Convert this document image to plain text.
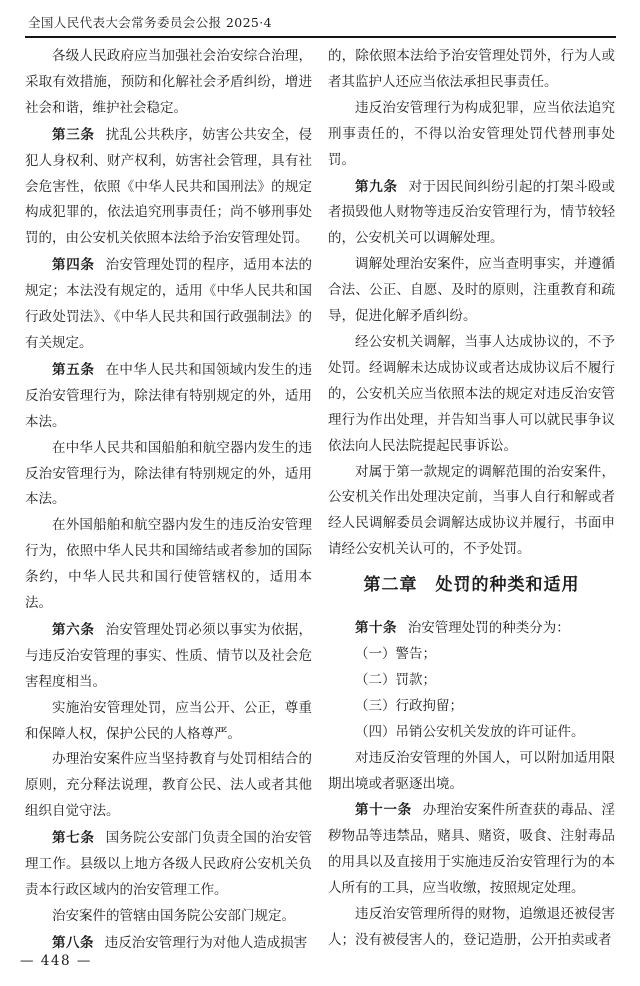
全国人民代表大会常务委员会公报 2025·4

各级人民政府应当加强社会治安综合治理，采取有效措施，预防和化解社会矛盾纠纷，增进社会和谐，维护社会稳定。

第三条 扰乱公共秩序，妨害公共安全，侵犯人身权利、财产权利，妨害社会管理，具有社会危害性，依照《中华人民共和国刑法》的规定构成犯罪的，依法追究刑事责任；尚不够刑事处罚的，由公安机关依照本法给予治安管理处罚。

第四条 治安管理处罚的程序，适用本法的规定；本法没有规定的，适用《中华人民共和国行政处罚法》、《中华人民共和国行政强制法》的有关规定。

第五条 在中华人民共和国领域内发生的违反治安管理行为，除法律有特别规定的外，适用本法。

在中华人民共和国船舶和航空器内发生的违反治安管理行为，除法律有特别规定的外，适用本法。

在外国船舶和航空器内发生的违反治安管理行为，依照中华人民共和国缔结或者参加的国际条约，中华人民共和国行使管辖权的，适用本法。

第六条 治安管理处罚必须以事实为依据，与违反治安管理的事实、性质、情节以及社会危害程度相当。

实施治安管理处罚，应当公开、公正，尊重和保障人权，保护公民的人格尊严。

办理治安案件应当坚持教育与处罚相结合的原则，充分释法说理，教育公民、法人或者其他组织自觉守法。

第七条 国务院公安部门负责全国的治安管理工作。县级以上地方各级人民政府公安机关负责本行政区域内的治安管理工作。

治安案件的管辖由国务院公安部门规定。

第八条 违反治安管理行为对他人造成损害

的，除依照本法给予治安管理处罚外，行为人或者其监护人还应当依法承担民事责任。

违反治安管理行为构成犯罪，应当依法追究刑事责任的，不得以治安管理处罚代替刑事处罚。

第九条 对于因民间纠纷引起的打架斗殴或者损毁他人财物等违反治安管理行为，情节较轻的，公安机关可以调解处理。

调解处理治安案件，应当查明事实，并遵循合法、公正、自愿、及时的原则，注重教育和疏导，促进化解矛盾纠纷。

经公安机关调解，当事人达成协议的，不予处罚。经调解未达成协议或者达成协议后不履行的，公安机关应当依照本法的规定对违反治安管理行为作出处理，并告知当事人可以就民事争议依法向人民法院提起民事诉讼。

对属于第一款规定的调解范围的治安案件，公安机关作出处理决定前，当事人自行和解或者经人民调解委员会调解达成协议并履行，书面申请经公安机关认可的，不予处罚。

第二章　处罚的种类和适用

第十条 治安管理处罚的种类分为：

（一）警告；

（二）罚款；

（三）行政拘留；

（四）吊销公安机关发放的许可证件。

对违反治安管理的外国人，可以附加适用限期出境或者驱逐出境。

第十一条 办理治安案件所查获的毒品、淫秽物品等违禁品，赌具、赌资，吸食、注射毒品的用具以及直接用于实施违反治安管理行为的本人所有的工具，应当收缴，按照规定处理。

违反治安管理所得的财物，追缴退还被侵害人；没有被侵害人的，登记造册，公开拍卖或者

— 448 —
